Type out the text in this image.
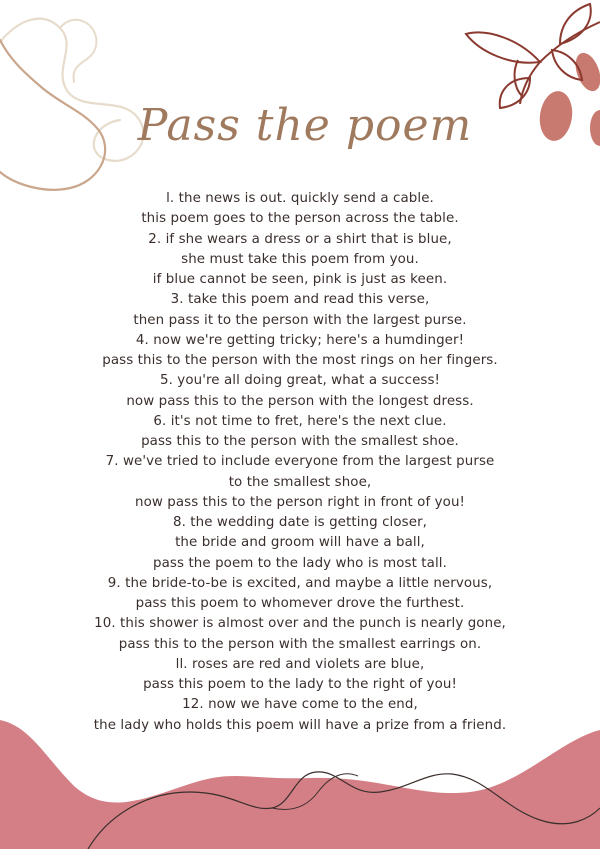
Pass the poem
l. the news is out. quickly send a cable.
this poem goes to the person across the table.
2. if she wears a dress or a shirt that is blue,
she must take this poem from you.
if blue cannot be seen, pink is just as keen.
3. take this poem and read this verse,
then pass it to the person with the largest purse.
4. now we're getting tricky; here's a humdinger!
pass this to the person with the most rings on her fingers.
5. you're all doing great, what a success!
now pass this to the person with the longest dress.
6. it's not time to fret, here's the next clue.
pass this to the person with the smallest shoe.
7. we've tried to include everyone from the largest purse
to the smallest shoe,
now pass this to the person right in front of you!
8. the wedding date is getting closer,
the bride and groom will have a ball,
pass the poem to the lady who is most tall.
9. the bride-to-be is excited, and maybe a little nervous,
pass this poem to whomever drove the furthest.
10. this shower is almost over and the punch is nearly gone,
pass this to the person with the smallest earrings on.
ll. roses are red and violets are blue,
pass this poem to the lady to the right of you!
12. now we have come to the end,
the lady who holds this poem will have a prize from a friend.
